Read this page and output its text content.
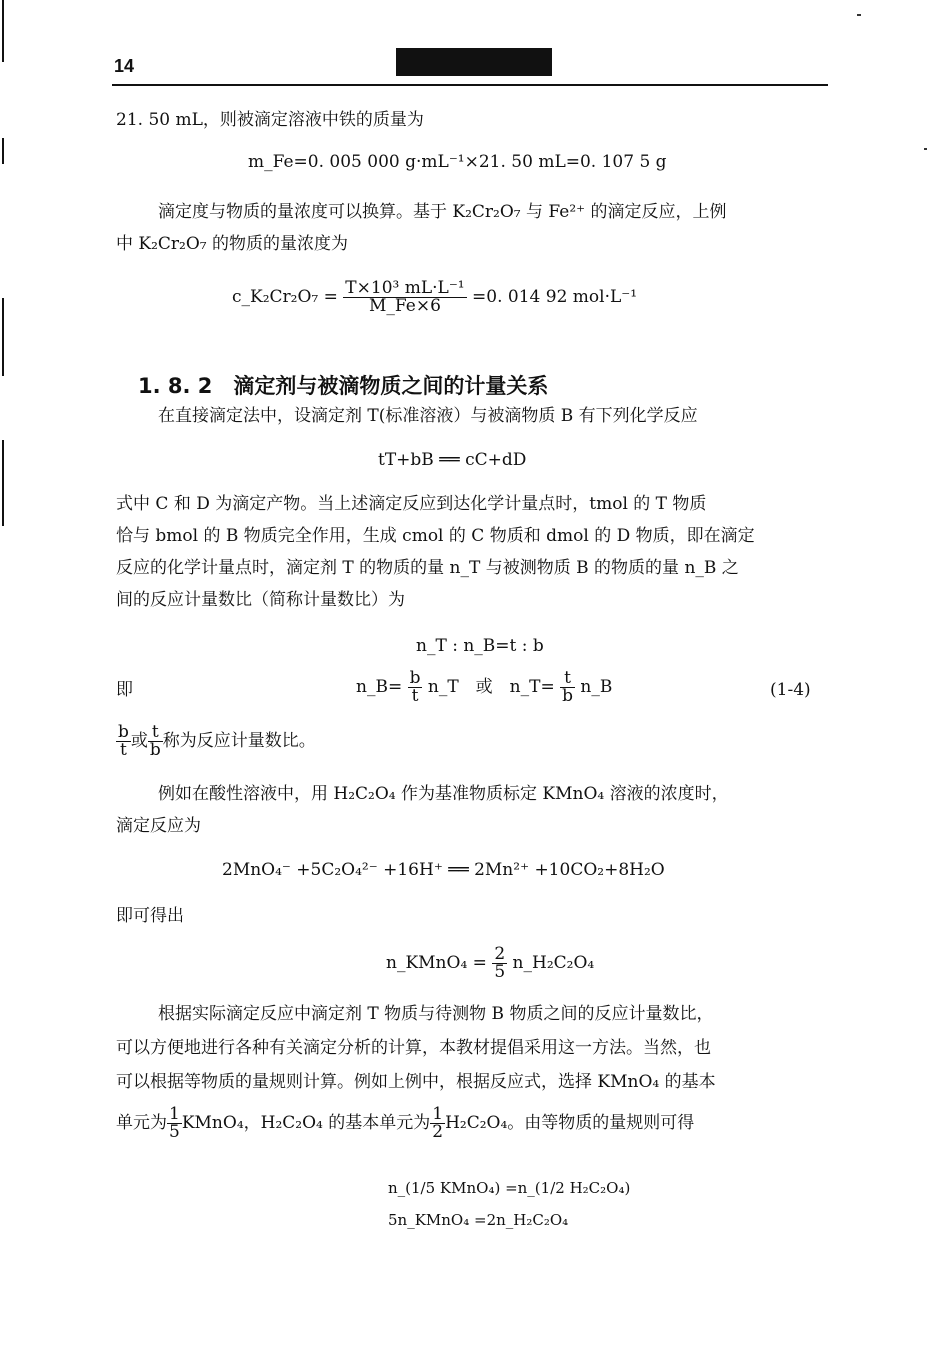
14
21. 50 mL，则被滴定溶液中铁的质量为
m_Fe=0. 005 000 g·mL⁻¹×21. 50 mL=0. 107 5 g
滴定度与物质的量浓度可以换算。基于 K₂Cr₂O₇ 与 Fe²⁺ 的滴定反应，上例
中 K₂Cr₂O₇ 的物质的量浓度为
c_K₂Cr₂O₇ = $\frac{\text{T×10³ mL·L⁻¹}}{M\_Fe\times 6} =0$. 014 92 mol·L⁻¹
1. 8. 2　滴定剂与被滴物质之间的计量关系
在直接滴定法中，设滴定剂 T(标准溶液）与被滴物质 B 有下列化学反应
tT+bB ══ cC+dD
式中 C 和 D 为滴定产物。当上述滴定反应到达化学计量点时，tmol 的 T 物质
恰与 bmol 的 B 物质完全作用，生成 cmol 的 C 物质和 dmol 的 D 物质，即在滴定
反应的化学计量点时，滴定剂 T 的物质的量 n_T 与被测物质 B 的物质的量 n_B 之
间的反应计量数比（简称计量数比）为
n_T : n_B=t : b
即	n_B= $\frac{b}{t}$ n_T　或　n_T= $\frac{t}{b}$ n_B	(1-4)
$\frac{b}{t}$ 或 $\frac{t}{b}$ 称为反应计量数比。
例如在酸性溶液中，用 H₂C₂O₄ 作为基准物质标定 KMnO₄ 溶液的浓度时，
滴定反应为
2MnO₄⁻ +5C₂O₄²⁻ +16H⁺ ══ 2Mn²⁺ +10CO₂+8H₂O
即可得出
n_KMnO₄ = $\frac{2}{5}$ n_H₂C₂O₄
根据实际滴定反应中滴定剂 T 物质与待测物 B 物质之间的反应计量数比，
可以方便地进行各种有关滴定分析的计算，本教材提倡采用这一方法。当然，也
可以根据等物质的量规则计算。例如上例中，根据反应式，选择 KMnO₄ 的基本
单元为 $\frac{1}{5}$ KMnO₄，H₂C₂O₄ 的基本单元为 $\frac{1}{2} H_2C_2O_4$。由等物质的量规则可得
n_(1/5 KMnO₄) =n_(1/2 H₂C₂O₄)
5n_KMnO₄ =2n_H₂C₂O₄
